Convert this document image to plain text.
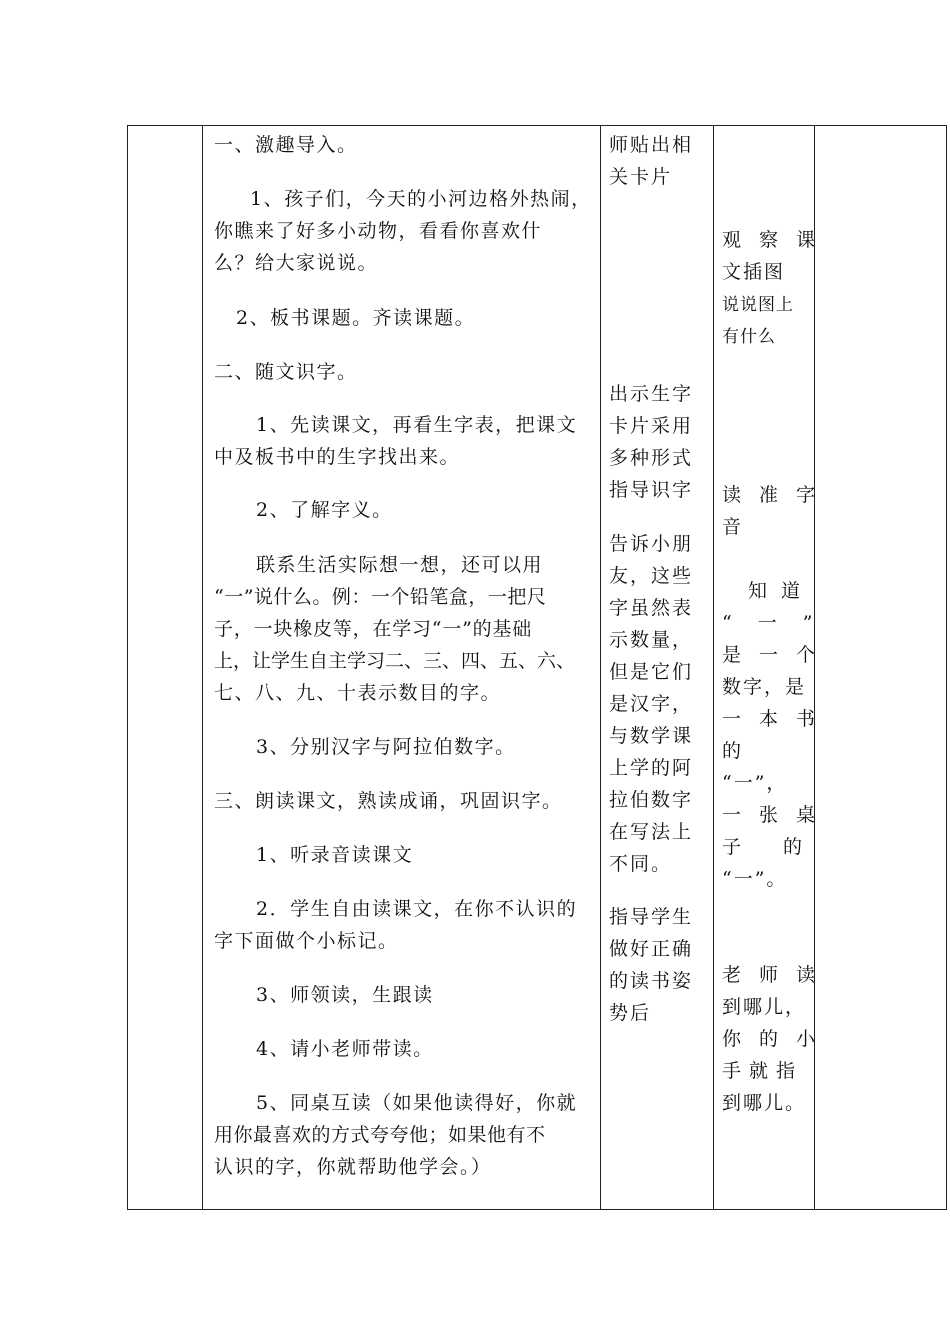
一、激趣导入。
1、孩子们，今天的小河边格外热闹，
你瞧来了好多小动物，看看你喜欢什
么？给大家说说。
2、板书课题。齐读课题。
二、随文识字。
1、先读课文，再看生字表，把课文
中及板书中的生字找出来。
2、了解字义。
联系生活实际想一想，还可以用
“一”说什么。例：一个铅笔盒，一把尺
子，一块橡皮等，在学习“一”的基础
上，让学生自主学习二、三、四、五、六、
七、八、九、十表示数目的字。
3、分别汉字与阿拉伯数字。
三、朗读课文，熟读成诵，巩固识字。
1、听录音读课文
2．学生自由读课文，在你不认识的
字下面做个小标记。
3、师领读，生跟读
4、请小老师带读。
5、同桌互读（如果他读得好，你就
用你最喜欢的方式夸夸他；如果他有不
认识的字，你就帮助他学会。）
师贴出相
关卡片
出示生字
卡片采用
多种形式
指导识字
告诉小朋
友，这些
字虽然表
示数量，
但是它们
是汉字，
与数学课
上学的阿
拉伯数字
在写法上
不同。
指导学生
做好正确
的读书姿
势后
观察课
文插图
说说图上
有什么
读准字
音
知道
“一”
是一个
数字，是
一本书
的
“一”，
一张桌
子的
“一”。
老师读
到哪儿，
你的小
手就指
到哪儿。
